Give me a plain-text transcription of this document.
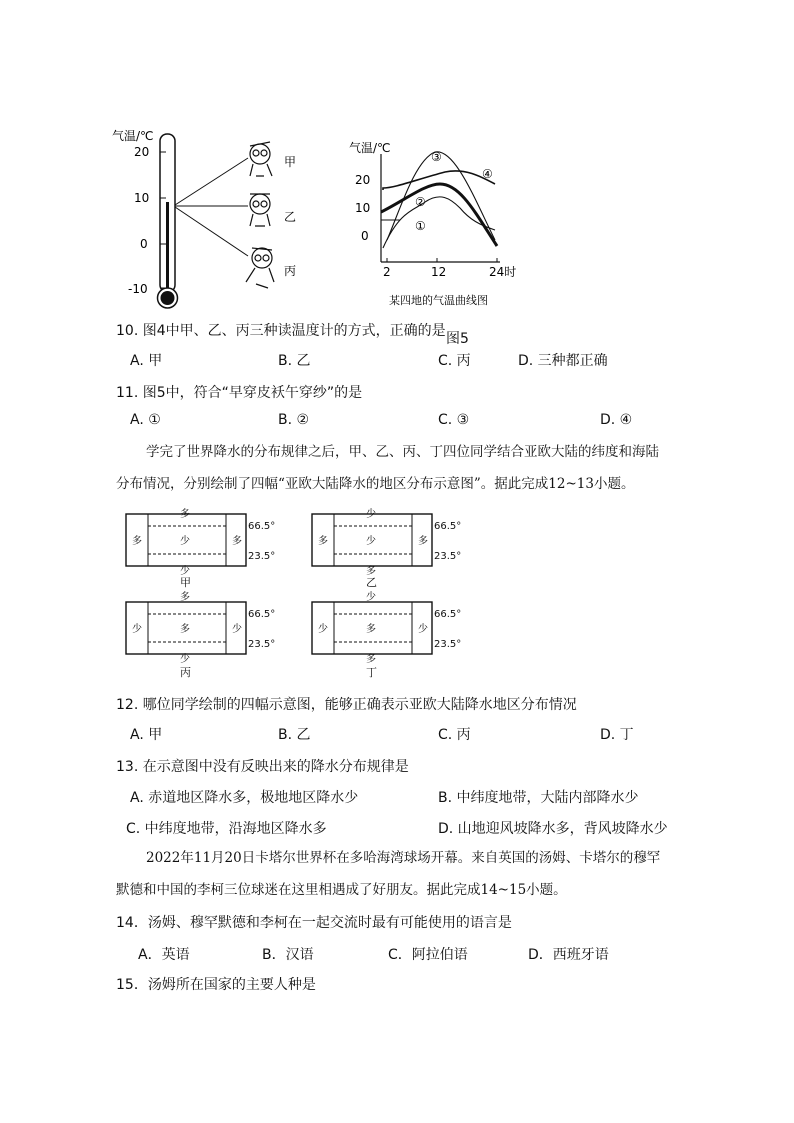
气温/℃
20
10
0
-10
甲
乙
丙
气温/℃
20
10
0
2	12	24时
①
②
③
④
某四地的气温曲线图
10. 图4中甲、乙、丙三种读温度计的方式，正确的是 图5
A. 甲	B. 乙	C. 丙	D. 三种都正确
11. 图5中，符合“早穿皮袄午穿纱”的是
A. ①	B. ②	C. ③	D. ④
学完了世界降水的分布规律之后，甲、乙、丙、丁四位同学结合亚欧大陆的纬度和海陆
分布情况，分别绘制了四幅“亚欧大陆降水的地区分布示意图”。据此完成12~13小题。
多
多	少	多
少
66.5°
23.5°
甲
少
多	少	多
多
66.5°
23.5°
乙
多
少	多	少
少
66.5°
23.5°
丙
少
少	多	少
多
66.5°
23.5°
丁
12. 哪位同学绘制的四幅示意图，能够正确表示亚欧大陆降水地区分布情况
A. 甲	B. 乙	C. 丙	D. 丁
13. 在示意图中没有反映出来的降水分布规律是
A. 赤道地区降水多，极地地区降水少	B. 中纬度地带，大陆内部降水少
C. 中纬度地带，沿海地区降水多	D. 山地迎风坡降水多，背风坡降水少
2022年11月20日卡塔尔世界杯在多哈海湾球场开幕。来自英国的汤姆、卡塔尔的穆罕
默德和中国的李柯三位球迷在这里相遇成了好朋友。据此完成14~15小题。
14．汤姆、穆罕默德和李柯在一起交流时最有可能使用的语言是
A．英语	B．汉语	C．阿拉伯语	D．西班牙语
15．汤姆所在国家的主要人种是
